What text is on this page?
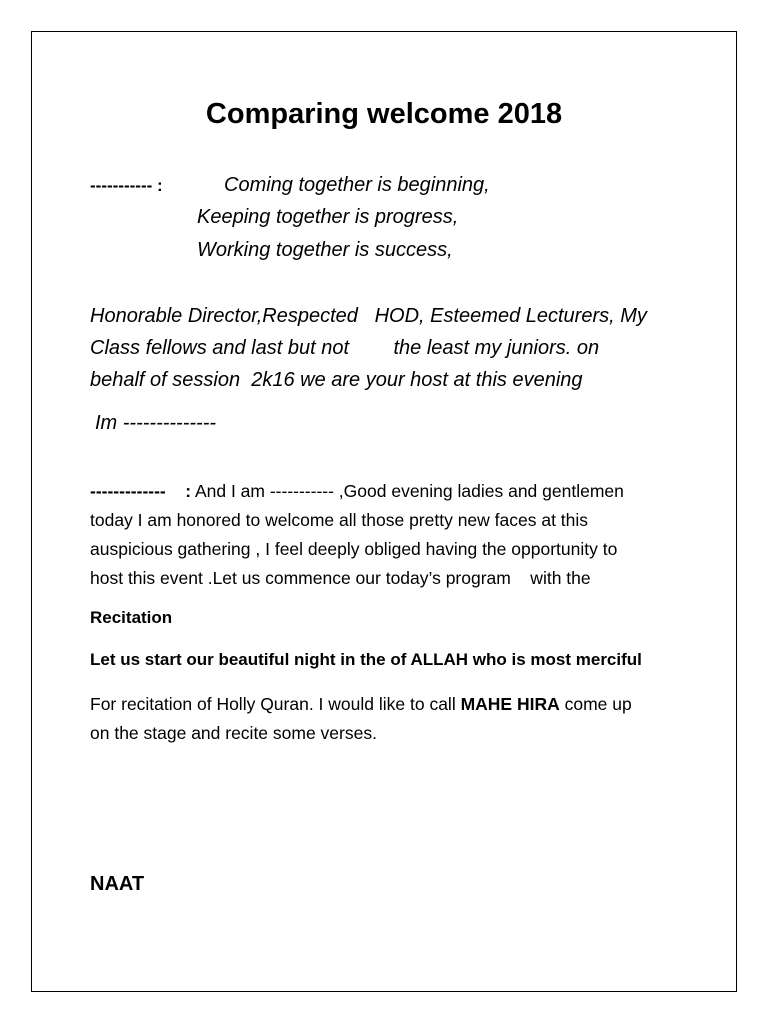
Comparing welcome 2018
----------- :	Coming together is beginning,
Keeping together is progress,
Working together is success,
Honorable Director,Respected   HOD, Esteemed Lecturers, My
Class fellows and last but not        the least my juniors. on
behalf of session  2k16 we are your host at this evening
Im --------------
-------------    : And I am ----------- ,Good evening ladies and gentlemen
today I am honored to welcome all those pretty new faces at this
auspicious gathering , I feel deeply obliged having the opportunity to
host this event .Let us commence our today’s program    with the
Recitation
Let us start our beautiful night in the of ALLAH who is most merciful
For recitation of Holly Quran. I would like to call MAHE HIRA come up
on the stage and recite some verses.
NAAT
